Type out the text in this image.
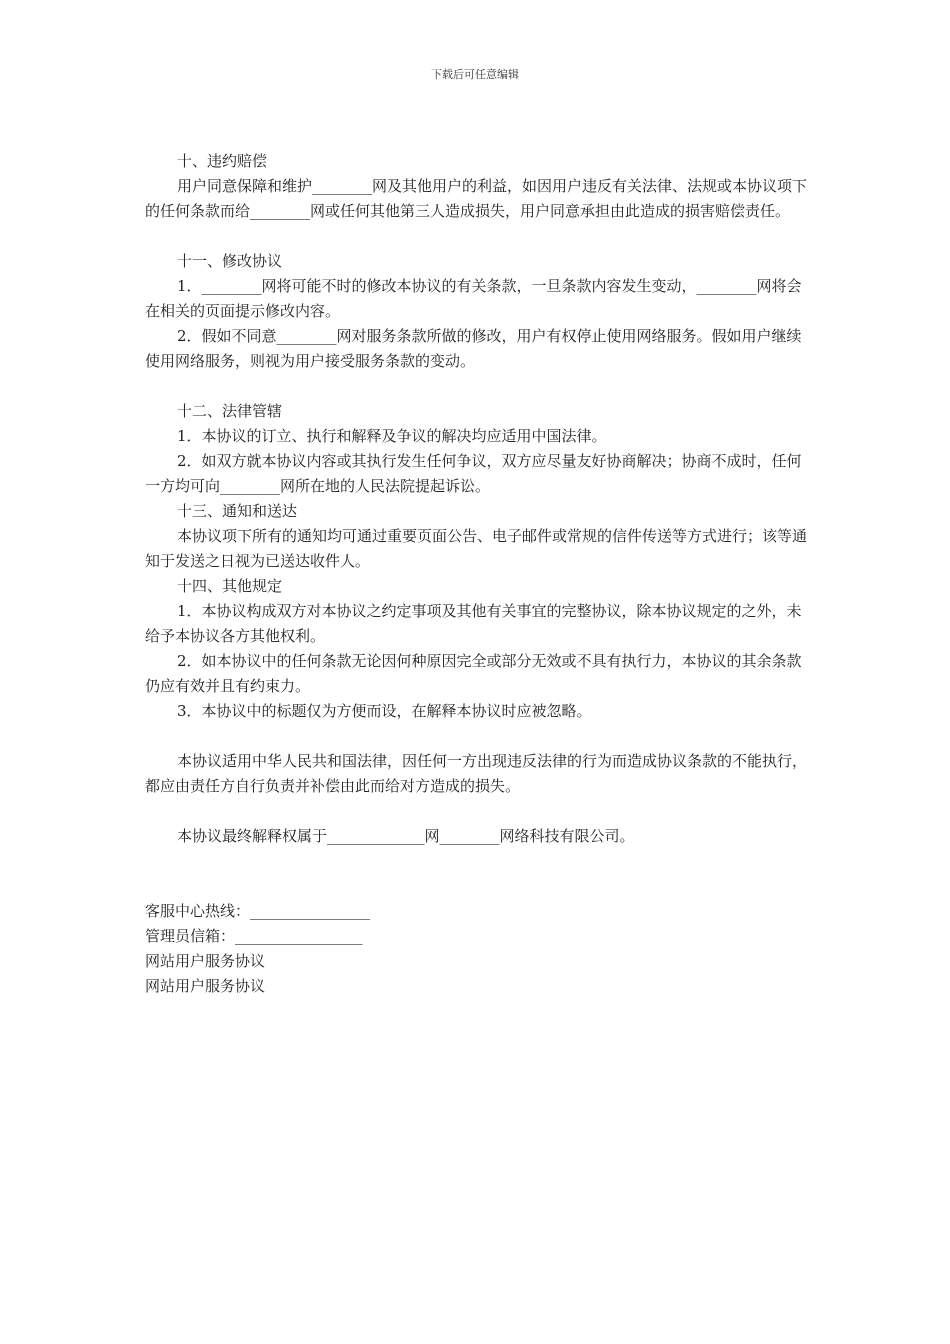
下载后可任意编辑

十、违约赔偿

用户同意保障和维护________网及其他用户的利益，如因用户违反有关法律、法规或本协议项下的任何条款而给________网或任何其他第三人造成损失，用户同意承担由此造成的损害赔偿责任。

十一、修改协议

1．________网将可能不时的修改本协议的有关条款，一旦条款内容发生变动，________网将会在相关的页面提示修改内容。

2．假如不同意________网对服务条款所做的修改，用户有权停止使用网络服务。假如用户继续使用网络服务，则视为用户接受服务条款的变动。

十二、法律管辖

1．本协议的订立、执行和解释及争议的解决均应适用中国法律。

2．如双方就本协议内容或其执行发生任何争议，双方应尽量友好协商解决；协商不成时，任何一方均可向________网所在地的人民法院提起诉讼。

十三、通知和送达

本协议项下所有的通知均可通过重要页面公告、电子邮件或常规的信件传送等方式进行；该等通知于发送之日视为已送达收件人。

十四、其他规定

1．本协议构成双方对本协议之约定事项及其他有关事宜的完整协议，除本协议规定的之外，未给予本协议各方其他权利。

2．如本协议中的任何条款无论因何种原因完全或部分无效或不具有执行力，本协议的其余条款仍应有效并且有约束力。

3．本协议中的标题仅为方便而设，在解释本协议时应被忽略。

本协议适用中华人民共和国法律，因任何一方出现违反法律的行为而造成协议条款的不能执行，都应由责任方自行负责并补偿由此而给对方造成的损失。

本协议最终解释权属于_____________网________网络科技有限公司。

客服中心热线：________________

管理员信箱：_________________

网站用户服务协议

网站用户服务协议
